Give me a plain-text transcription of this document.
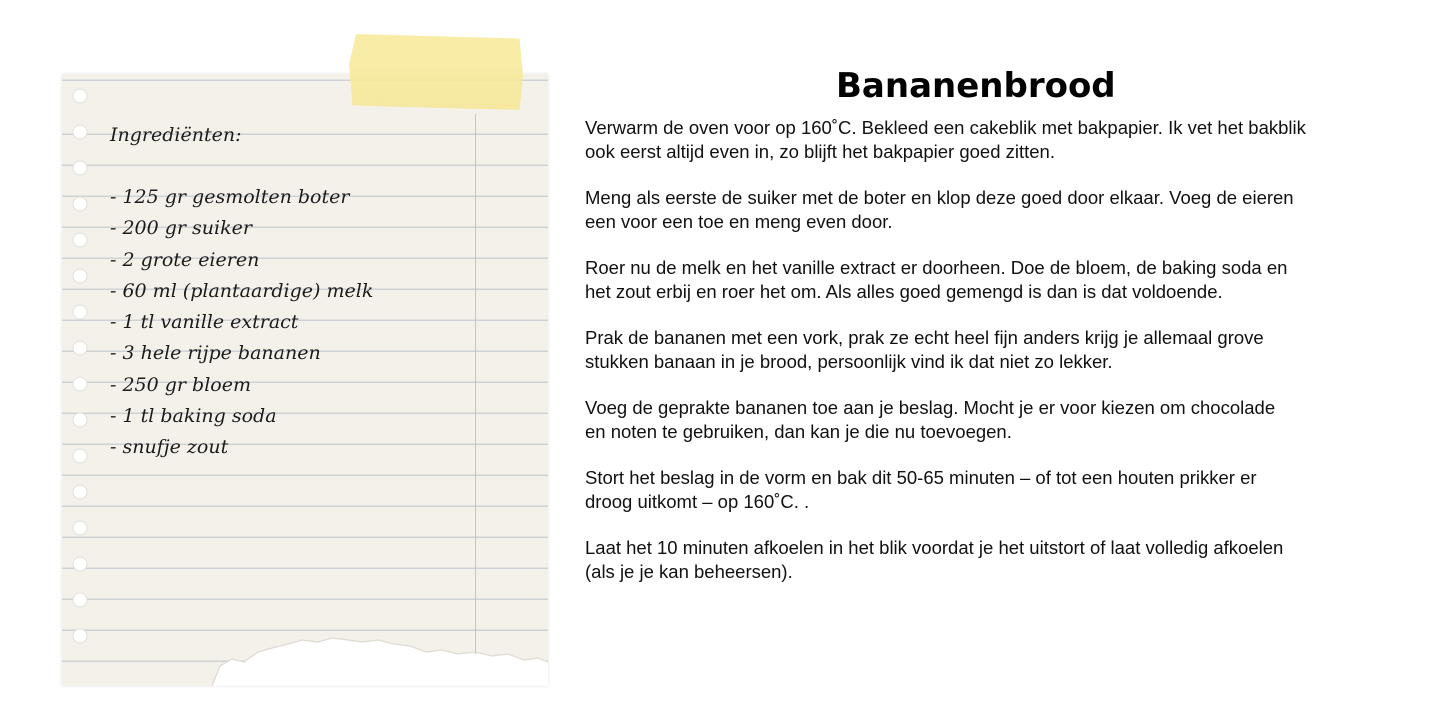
Ingrediënten:
- 125 gr gesmolten boter
- 200 gr suiker
- 2 grote eieren
- 60 ml (plantaardige) melk
- 1 tl vanille extract
- 3 hele rijpe bananen
- 250 gr bloem
- 1 tl baking soda
- snufje zout
Bananenbrood

Verwarm de oven voor op 160˚C. Bekleed een cakeblik met bakpapier. Ik vet het bakblik
ook eerst altijd even in, zo blijft het bakpapier goed zitten.

Meng als eerste de suiker met de boter en klop deze goed door elkaar. Voeg de eieren
een voor een toe en meng even door.

Roer nu de melk en het vanille extract er doorheen. Doe de bloem, de baking soda en
het zout erbij en roer het om. Als alles goed gemengd is dan is dat voldoende.

Prak de bananen met een vork, prak ze echt heel fijn anders krijg je allemaal grove
stukken banaan in je brood, persoonlijk vind ik dat niet zo lekker.

Voeg de geprakte bananen toe aan je beslag. Mocht je er voor kiezen om chocolade
en noten te gebruiken, dan kan je die nu toevoegen.

Stort het beslag in de vorm en bak dit 50-65 minuten – of tot een houten prikker er
droog uitkomt – op 160˚C. .

Laat het 10 minuten afkoelen in het blik voordat je het uitstort of laat volledig afkoelen
(als je je kan beheersen).
